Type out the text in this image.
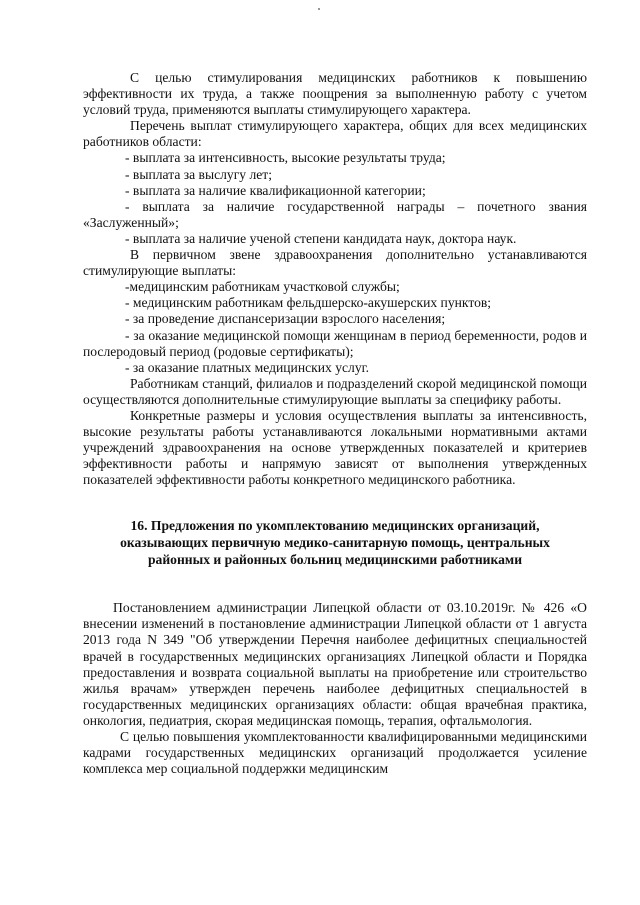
С целью стимулирования медицинских работников к повышению эффективности их труда, а также поощрения за выполненную работу с учетом условий труда, применяются выплаты стимулирующего характера.

Перечень выплат стимулирующего характера, общих для всех медицинских работников области:

- выплата за интенсивность, высокие результаты труда;

- выплата за выслугу лет;

- выплата за наличие квалификационной категории;

- выплата за наличие государственной награды – почетного звания «Заслуженный»;

- выплата за наличие ученой степени кандидата наук, доктора наук.

В первичном звене здравоохранения дополнительно устанавливаются стимулирующие выплаты:

-медицинским работникам участковой службы;

- медицинским работникам фельдшерско-акушерских пунктов;

- за проведение диспансеризации взрослого населения;

- за оказание медицинской помощи женщинам в период беременности, родов и послеродовый период (родовые сертификаты);

- за оказание платных медицинских услуг.

Работникам станций, филиалов и подразделений скорой медицинской помощи осуществляются дополнительные стимулирующие выплаты за специфику работы.

Конкретные размеры и условия осуществления выплаты за интенсивность, высокие результаты работы устанавливаются локальными нормативными актами учреждений здравоохранения на основе утвержденных показателей и критериев эффективности работы и напрямую зависят от выполнения утвержденных показателей эффективности работы конкретного медицинского работника.

16. Предложения по укомплектованию медицинских организаций, оказывающих первичную медико-санитарную помощь, центральных районных и районных больниц медицинскими работниками

Постановлением администрации Липецкой области от 03.10.2019г. № 426 «О внесении изменений в постановление администрации Липецкой области от 1 августа 2013 года N 349 "Об утверждении Перечня наиболее дефицитных специальностей врачей в государственных медицинских организациях Липецкой области и Порядка предоставления и возврата социальной выплаты на приобретение или строительство жилья врачам» утвержден перечень наиболее дефицитных специальностей в государственных медицинских организациях области: общая врачебная практика, онкология, педиатрия, скорая медицинская помощь, терапия, офтальмология.

С целью повышения укомплектованности квалифицированными медицинскими кадрами государственных медицинских организаций продолжается усиление комплекса мер социальной поддержки медицинским
